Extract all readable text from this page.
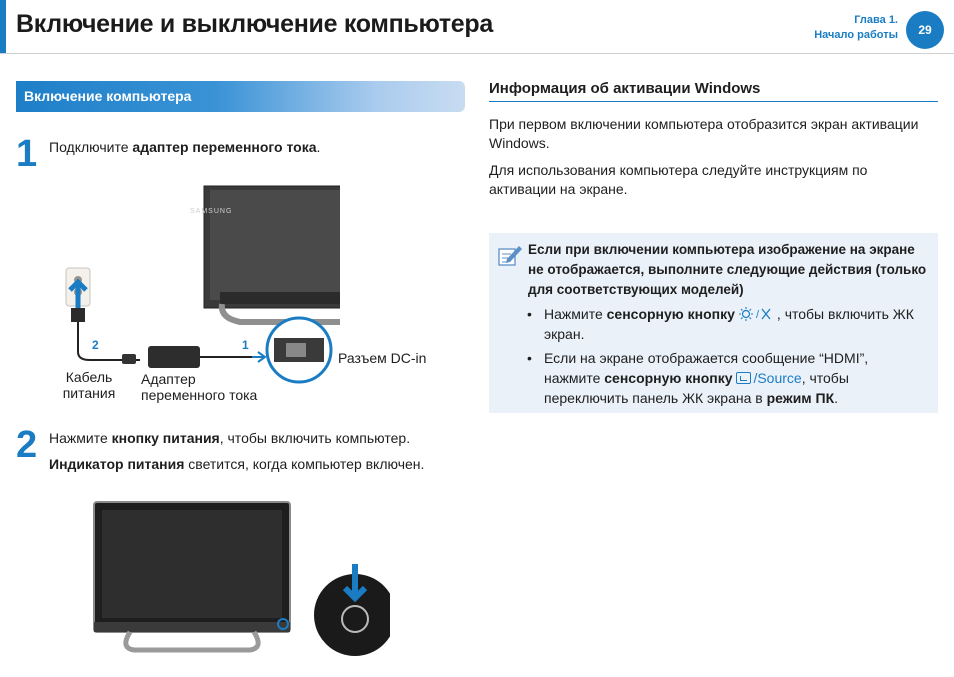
Включение и выключение компьютера	Глава 1.
Начало работы	29
Включение компьютера
1 Подключите адаптер переменного тока.
SAMSUNG
2	1
Разъем DC-in
Кабель питания
Адаптер переменного тока
2 Нажмите кнопку питания, чтобы включить компьютер.
Индикатор питания светится, когда компьютер включен.
Информация об активации Windows
При первом включении компьютера отобразится экран активации Windows.
Для использования компьютера следуйте инструкциям по активации на экране.
Если при включении компьютера изображение на экране не отображается, выполните следующие действия (только для соответствующих моделей)
• Нажмите сенсорную кнопку / , чтобы включить ЖК экран.
• Если на экране отображается сообщение “HDMI”,
нажмите сенсорную кнопку /Source, чтобы
переключить панель ЖК экрана в режим ПК.
